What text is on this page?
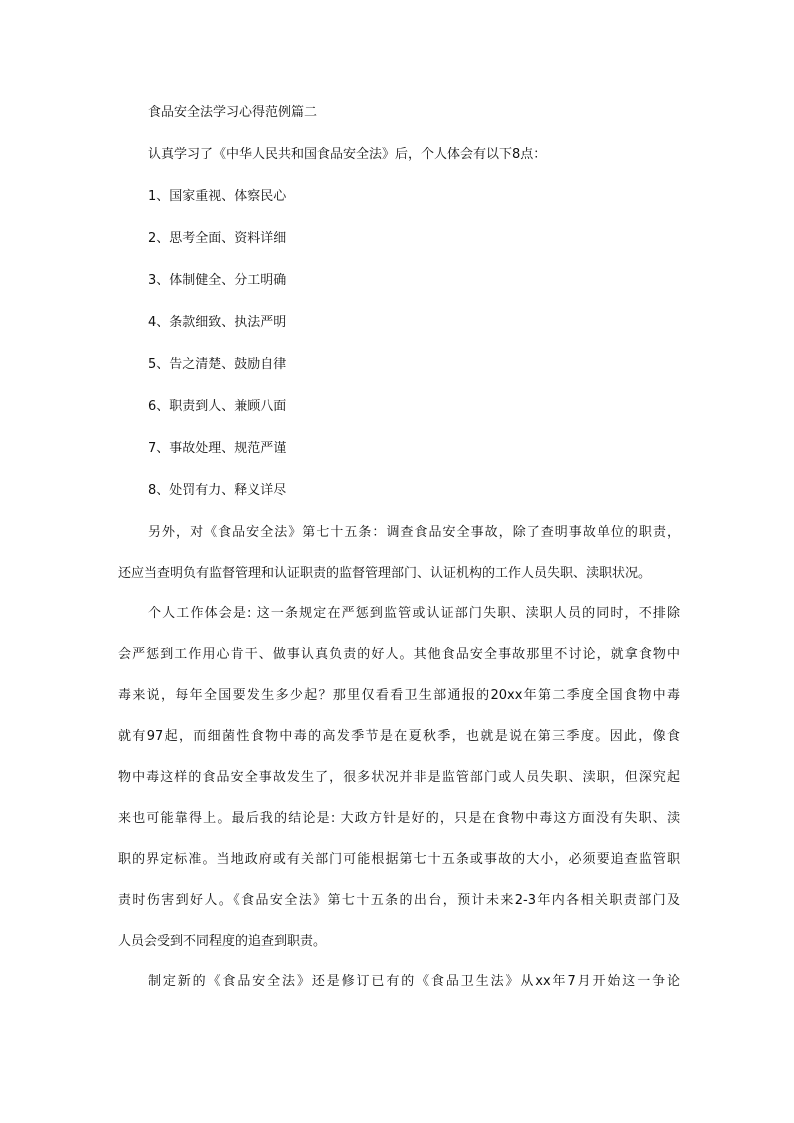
食品安全法学习心得范例篇二
认真学习了《中华人民共和国食品安全法》后，个人体会有以下8点：
1、国家重视、体察民心
2、思考全面、资料详细
3、体制健全、分工明确
4、条款细致、执法严明
5、告之清楚、鼓励自律
6、职责到人、兼顾八面
7、事故处理、规范严谨
8、处罚有力、释义详尽
另外，对《食品安全法》第七十五条：调查食品安全事故，除了查明事故单位的职责，
还应当查明负有监督管理和认证职责的监督管理部门、认证机构的工作人员失职、渎职状况。
个人工作体会是: 这一条规定在严惩到监管或认证部门失职、渎职人员的同时，不排除
会严惩到工作用心肯干、做事认真负责的好人。其他食品安全事故那里不讨论，就拿食物中
毒来说，每年全国要发生多少起？那里仅看看卫生部通报的20xx年第二季度全国食物中毒
就有97起，而细菌性食物中毒的高发季节是在夏秋季，也就是说在第三季度。因此，像食
物中毒这样的食品安全事故发生了，很多状况并非是监管部门或人员失职、渎职，但深究起
来也可能靠得上。最后我的结论是: 大政方针是好的，只是在食物中毒这方面没有失职、渎
职的界定标准。当地政府或有关部门可能根据第七十五条或事故的大小，必须要追查监管职
责时伤害到好人。《食品安全法》第七十五条的出台，预计未来2-3年内各相关职责部门及
人员会受到不同程度的追查到职责。
制定新的《食品安全法》还是修订已有的《食品卫生法》从xx年7月开始这一争论
